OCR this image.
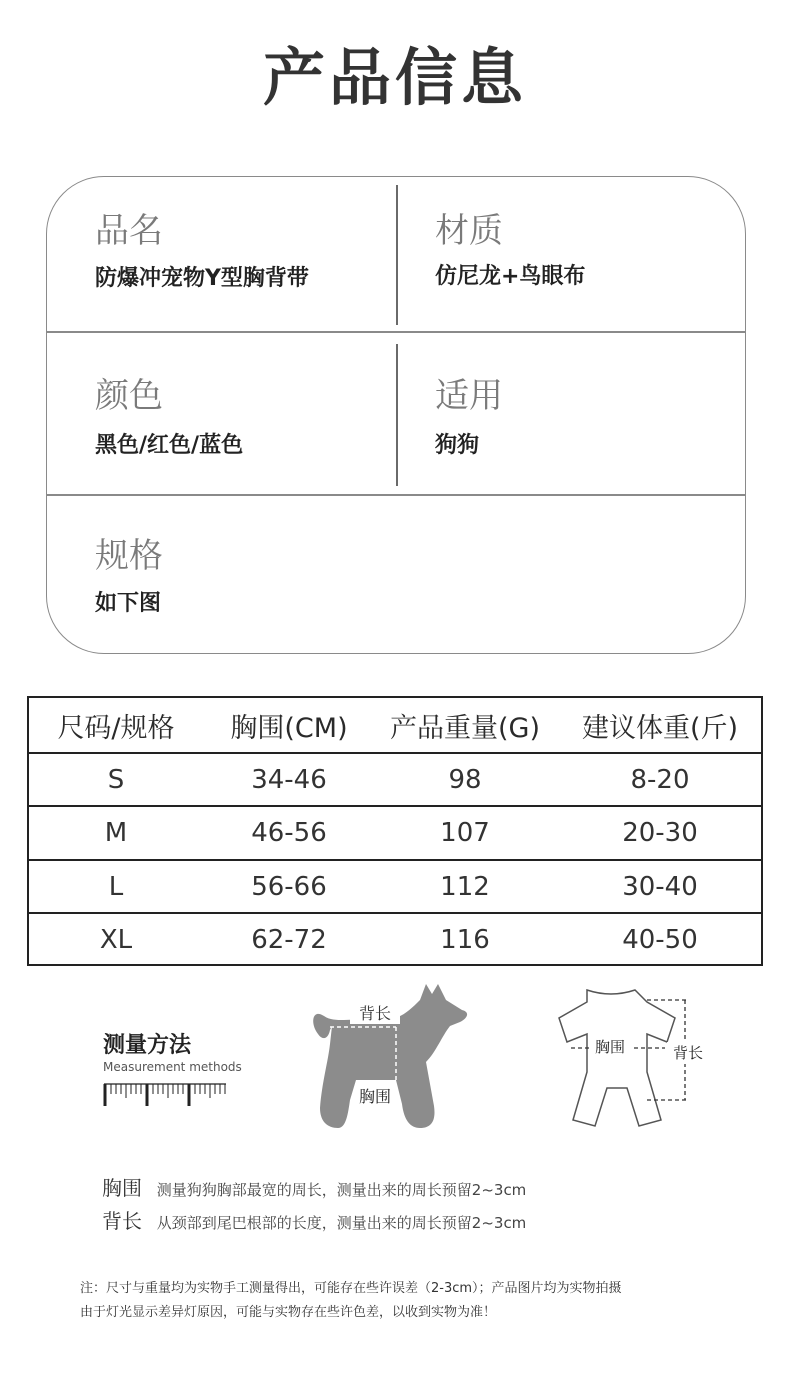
产品信息
品名
防爆冲宠物Y型胸背带
材质
仿尼龙+鸟眼布
颜色
黑色/红色/蓝色
适用
狗狗
规格
如下图
尺码/规格	胸围(CM)	产品重量(G)	建议体重(斤)
S	34-46	98	8-20
M	46-56	107	20-30
L	56-66	112	30-40
XL	62-72	116	40-50
测量方法
Measurement methods
背长
胸围
胸围	背长
胸围 测量狗狗胸部最宽的周长，测量出来的周长预留2~3cm
背长 从颈部到尾巴根部的长度，测量出来的周长预留2~3cm
注：尺寸与重量均为实物手工测量得出，可能存在些许误差（2-3cm）；产品图片均为实物拍摄
由于灯光显示差异灯原因，可能与实物存在些许色差，以收到实物为准！
